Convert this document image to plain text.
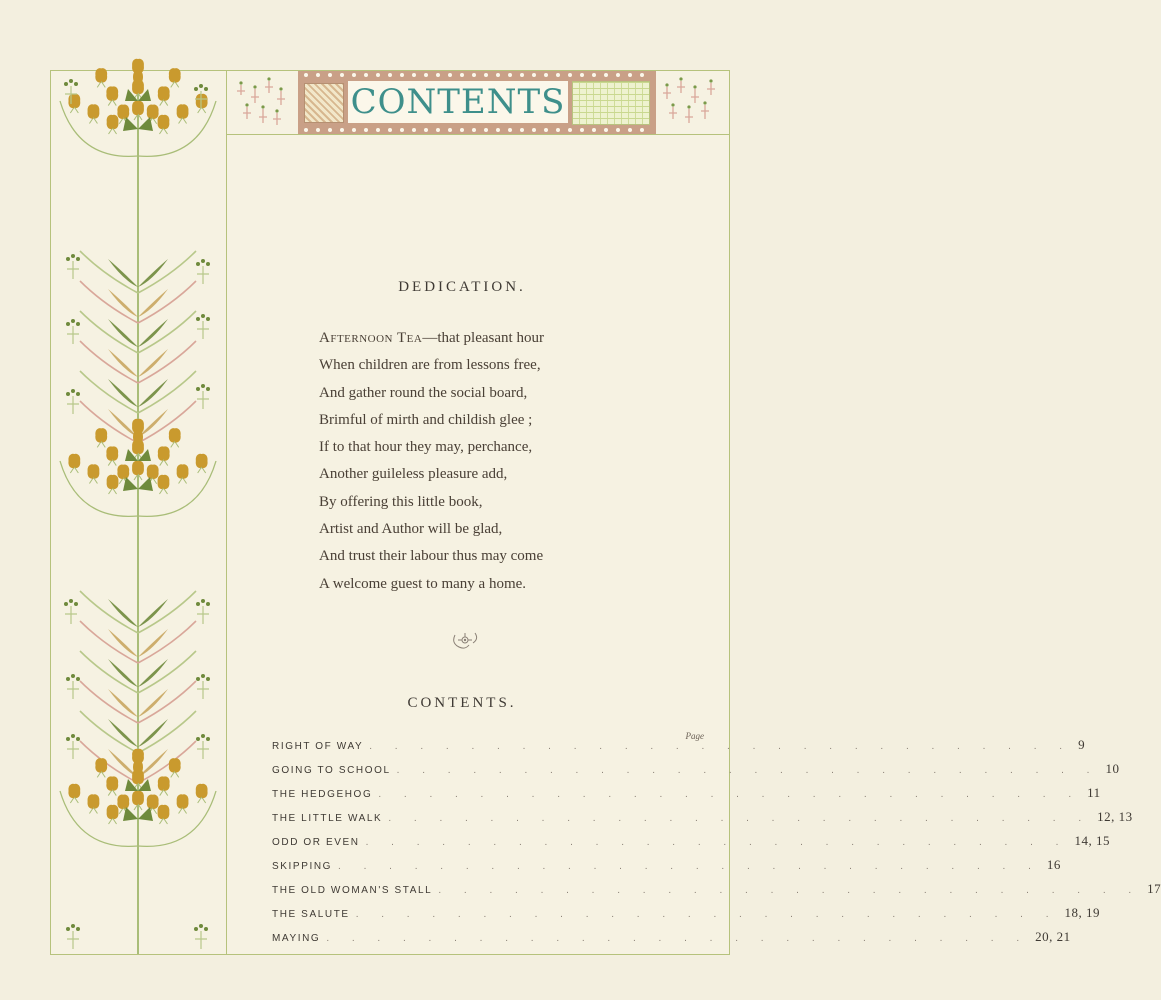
CONTENTS
DEDICATION.
Afternoon Tea—that pleasant hour
When children are from lessons free,
And gather round the social board,
Brimful of mirth and childish glee ;
If to that hour they may, perchance,
Another guileless pleasure add,
By offering this little book,
Artist and Author will be glad,
And trust their labour thus may come
A welcome guest to many a home.
CONTENTS.
Page
RIGHT OF WAY . . . . . . . . . . . . . . . . . . . . . . . . . . . . 9
GOING TO SCHOOL . . . . . . . . . . . . . . . . . . . . . . . . . . . . 10
THE HEDGEHOG . . . . . . . . . . . . . . . . . . . . . . . . . . . . 11
THE LITTLE WALK . . . . . . . . . . . . . . . . . . . . . . . . . . . . 12, 13
ODD OR EVEN . . . . . . . . . . . . . . . . . . . . . . . . . . . . 14, 15
SKIPPING . . . . . . . . . . . . . . . . . . . . . . . . . . . . 16
THE OLD WOMAN'S STALL . . . . . . . . . . . . . . . . . . . . . . . . . . . . 17
THE SALUTE . . . . . . . . . . . . . . . . . . . . . . . . . . . . 18, 19
MAYING . . . . . . . . . . . . . . . . . . . . . . . . . . . . 20, 21
